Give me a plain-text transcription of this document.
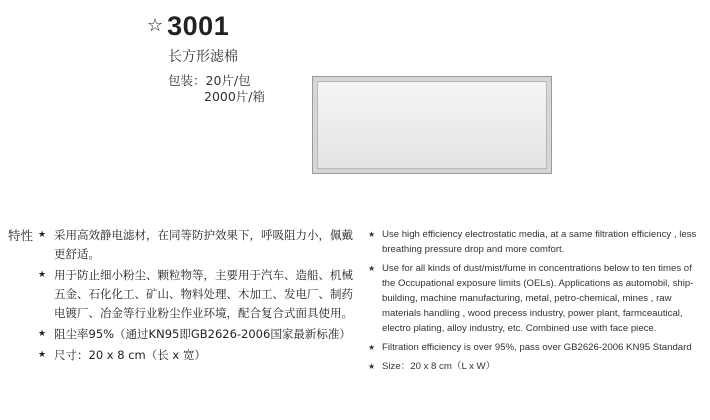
☆ 3001
长方形滤棉
包装：20片/包
2000片/箱
特性 ★ 采用高效静电滤材，在同等防护效果下，呼吸阻力小，佩戴更舒适。
★ 用于防止细小粉尘、颗粒物等，主要用于汽车、造船、机械五金、石化化工、矿山、物料处理、木加工、发电厂、制药电镀厂、冶金等行业粉尘作业环境，配合复合式面具使用。
★ 阻尘率95%（通过KN95即GB2626-2006国家最新标准）
★ 尺寸：20 x 8 cm（长 x 宽）
★ Use high efficiency electrostatic media, at a same filtration efficiency , less breathing pressure drop and more comfort.
★ Use for all kinds of dust/mist/fume in concentrations below to ten times of the Occupational exposure limits (OELs). Applications as automobil, ship-building, machine manufacturing, metal, petro-chemical, mines , raw materials handling , wood precess industry, power plant, farmceautical, electro plating, alloy industry, etc. Combined use with face piece.
★ Filtration efficiency is over 95%, pass over GB2626-2006 KN95 Standard
★ Size：20 x 8 cm（L x W）
